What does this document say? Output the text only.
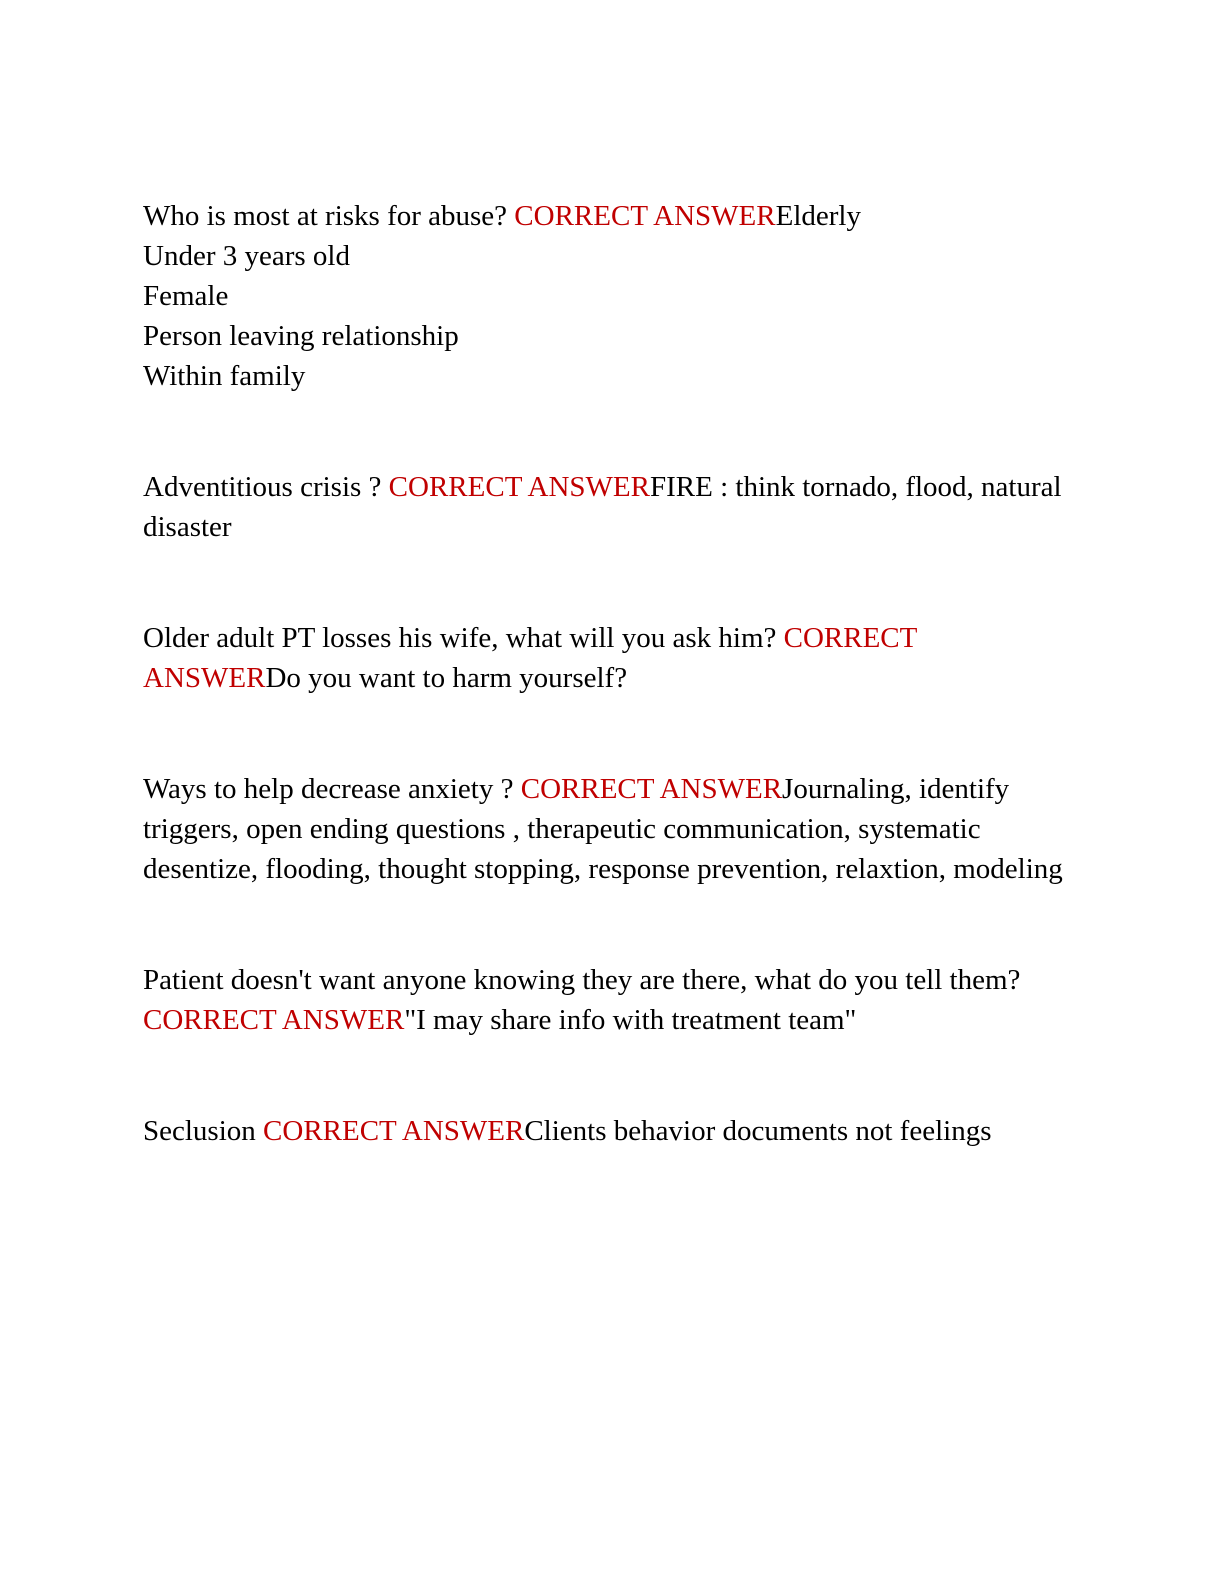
Who is most at risks for abuse? CORRECT ANSWERElderly

Under 3 years old

Female

Person leaving relationship

Within family

Adventitious crisis ? CORRECT ANSWERFIRE : think tornado, flood, natural disaster

Older adult PT losses his wife, what will you ask him? CORRECT ANSWERDo you want to harm yourself?

Ways to help decrease anxiety ? CORRECT ANSWERJournaling, identify triggers, open ending questions , therapeutic communication, systematic desentize, flooding, thought stopping, response prevention, relaxtion, modeling

Patient doesn't want anyone knowing they are there, what do you tell them? CORRECT ANSWER"I may share info with treatment team"

Seclusion CORRECT ANSWERClients behavior documents not feelings
